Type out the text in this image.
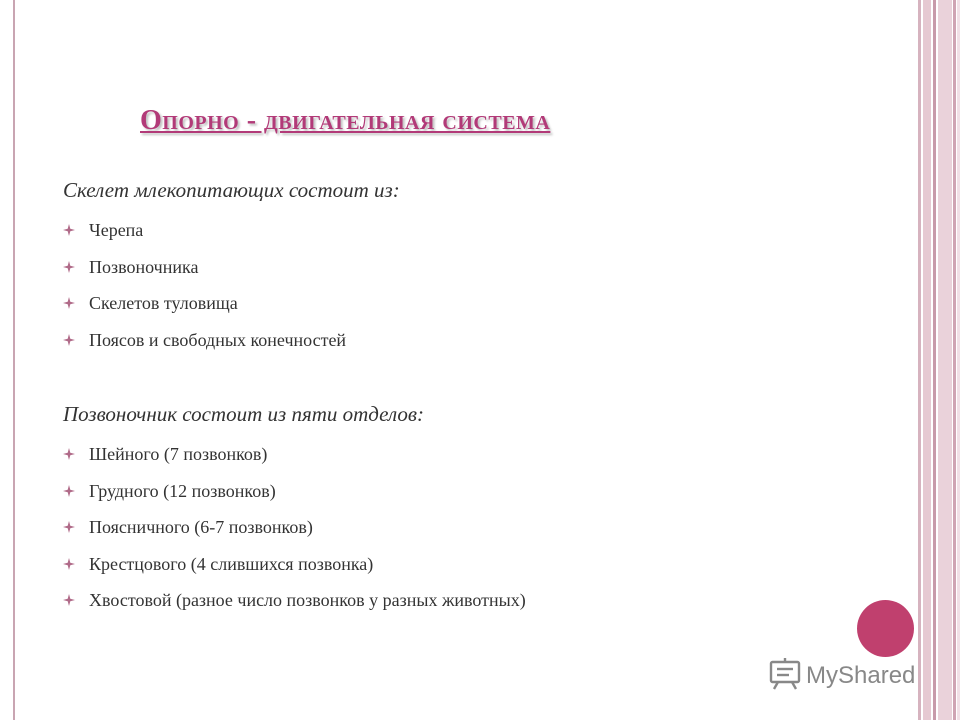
Опорно - двигательная система

Скелет млекопитающих состоит из:

Черепа
Позвоночника
Скелетов туловища
Поясов и свободных конечностей

Позвоночник состоит из пяти отделов:

Шейного (7 позвонков)
Грудного (12 позвонков)
Поясничного (6-7 позвонков)
Крестцового (4 слившихся позвонка)
Хвостовой (разное число позвонков у разных животных)
MyShared
